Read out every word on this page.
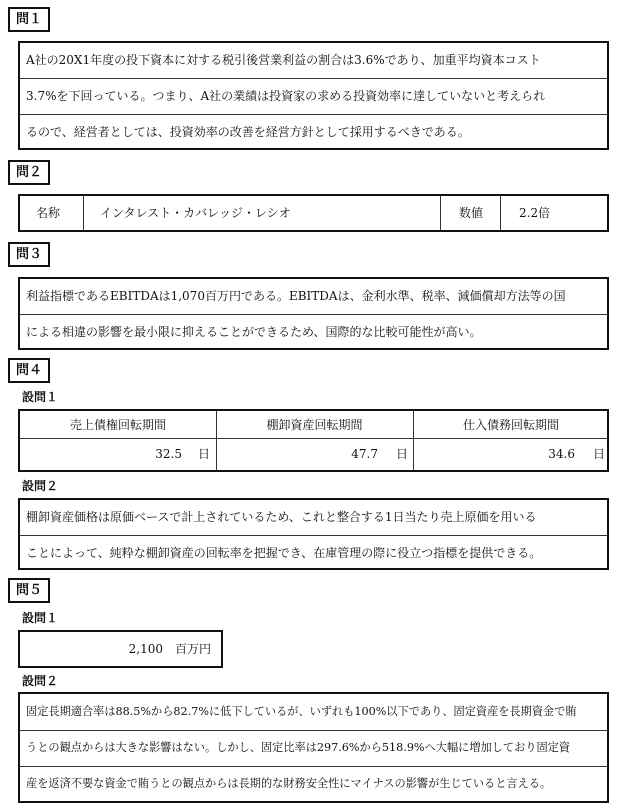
問１
A社の20X1年度の投下資本に対する税引後営業利益の割合は3.6%であり、加重平均資本コスト
3.7%を下回っている。つまり、A社の業績は投資家の求める投資効率に達していないと考えられ
るので、経営者としては、投資効率の改善を経営方針として採用するべきである。
問２
名称	インタレスト・カバレッジ・レシオ	数値	2.2倍
問３
利益指標であるEBITDAは1,070百万円である。EBITDAは、金利水準、税率、減価償却方法等の国
による相違の影響を最小限に抑えることができるため、国際的な比較可能性が高い。
問４
設問１
売上債権回転期間	棚卸資産回転期間	仕入債務回転期間
32.5 日	47.7 日	34.6 日
設問２
棚卸資産価格は原価ベースで計上されているため、これと整合する1日当たり売上原価を用いる
ことによって、純粋な棚卸資産の回転率を把握でき、在庫管理の際に役立つ指標を提供できる。
問５
設問１
2,100 百万円
設問２
固定長期適合率は88.5%から82.7%に低下しているが、いずれも100%以下であり、固定資産を長期資金で賄
うとの観点からは大きな影響はない。しかし、固定比率は297.6%から518.9%へ大幅に増加しており固定資
産を返済不要な資金で賄うとの観点からは長期的な財務安全性にマイナスの影響が生じていると言える。
